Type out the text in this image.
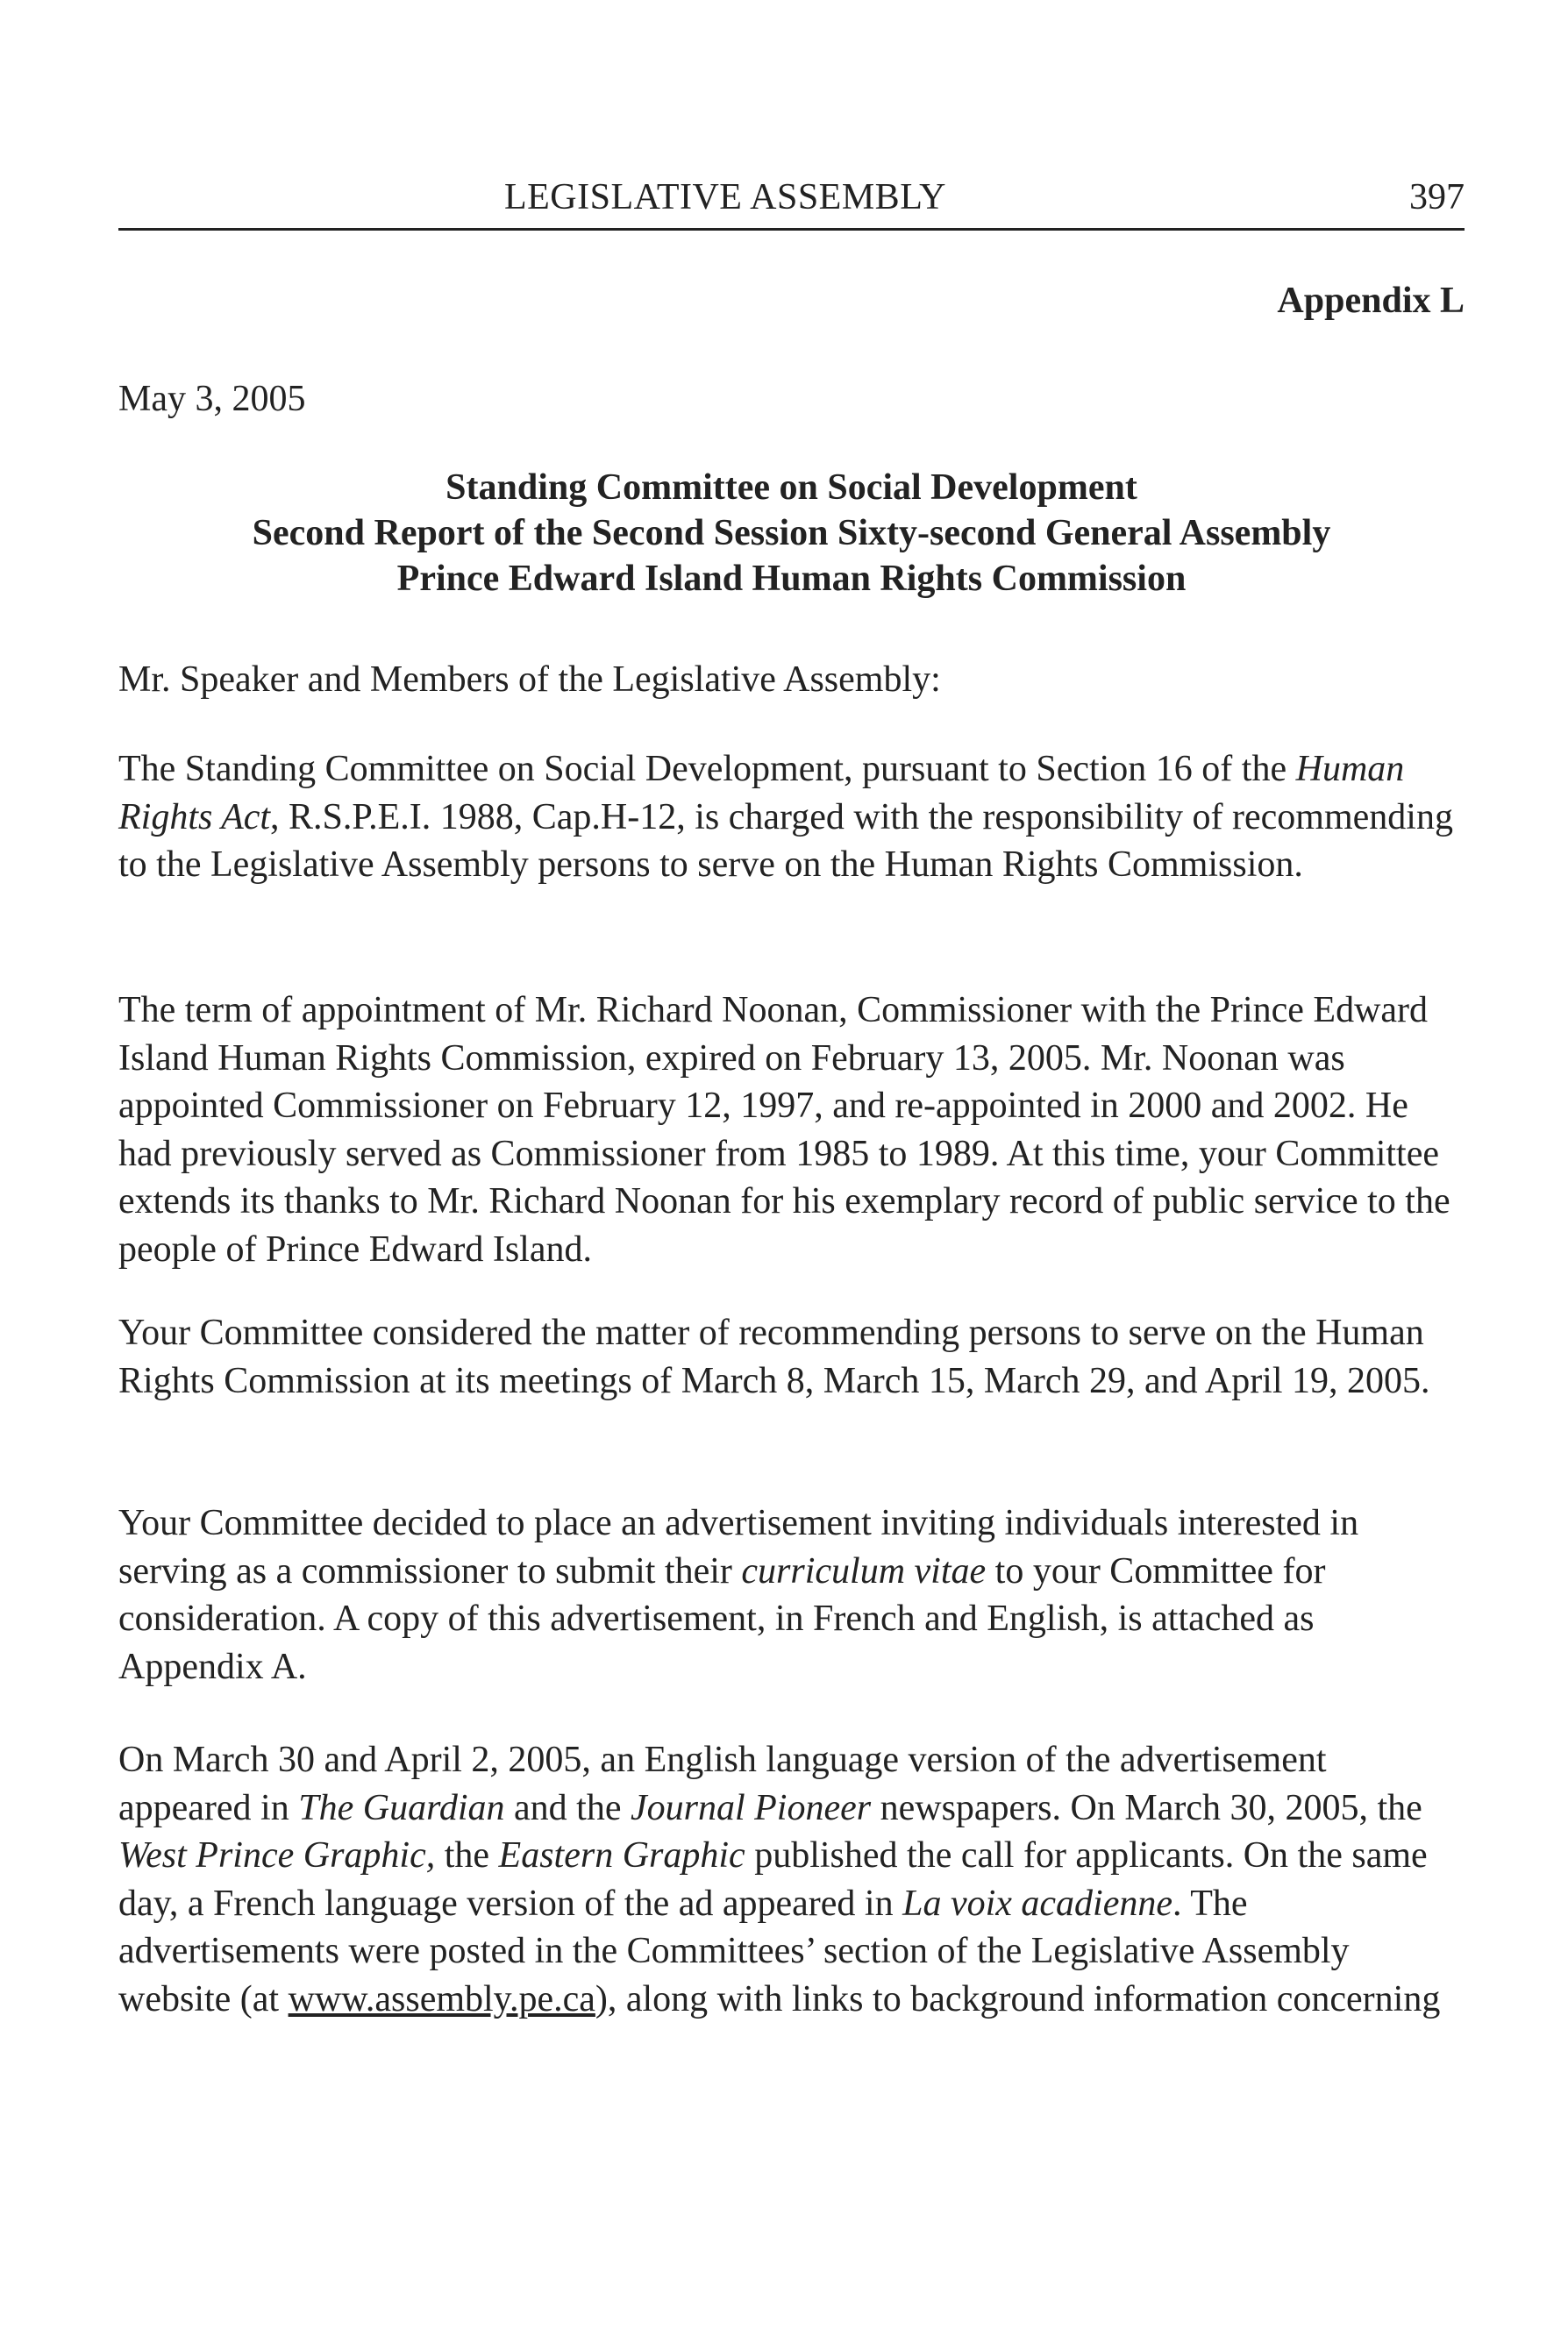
LEGISLATIVE ASSEMBLY	397
Appendix L
May 3, 2005
Standing Committee on Social Development
Second Report of the Second Session Sixty-second General Assembly
Prince Edward Island Human Rights Commission
Mr. Speaker and Members of the Legislative Assembly:

The Standing Committee on Social Development, pursuant to Section 16 of the Human Rights Act, R.S.P.E.I. 1988, Cap.H-12, is charged with the responsibility of recommending to the Legislative Assembly persons to serve on the Human Rights Commission.

The term of appointment of Mr. Richard Noonan, Commissioner with the Prince Edward Island Human Rights Commission, expired on February 13, 2005. Mr. Noonan was appointed Commissioner on February 12, 1997, and re-appointed in 2000 and 2002. He had previously served as Commissioner from 1985 to 1989. At this time, your Committee extends its thanks to Mr. Richard Noonan for his exemplary record of public service to the people of Prince Edward Island.

Your Committee considered the matter of recommending persons to serve on the Human Rights Commission at its meetings of March 8, March 15, March 29, and April 19, 2005.

Your Committee decided to place an advertisement inviting individuals interested in serving as a commissioner to submit their curriculum vitae to your Committee for consideration. A copy of this advertisement, in French and English, is attached as Appendix A.

On March 30 and April 2, 2005, an English language version of the advertisement appeared in The Guardian and the Journal Pioneer newspapers. On March 30, 2005, the West Prince Graphic, the Eastern Graphic published the call for applicants. On the same day, a French language version of the ad appeared in La voix acadienne. The advertisements were posted in the Committees’ section of the Legislative Assembly website (at www.assembly.pe.ca), along with links to background information concerning
